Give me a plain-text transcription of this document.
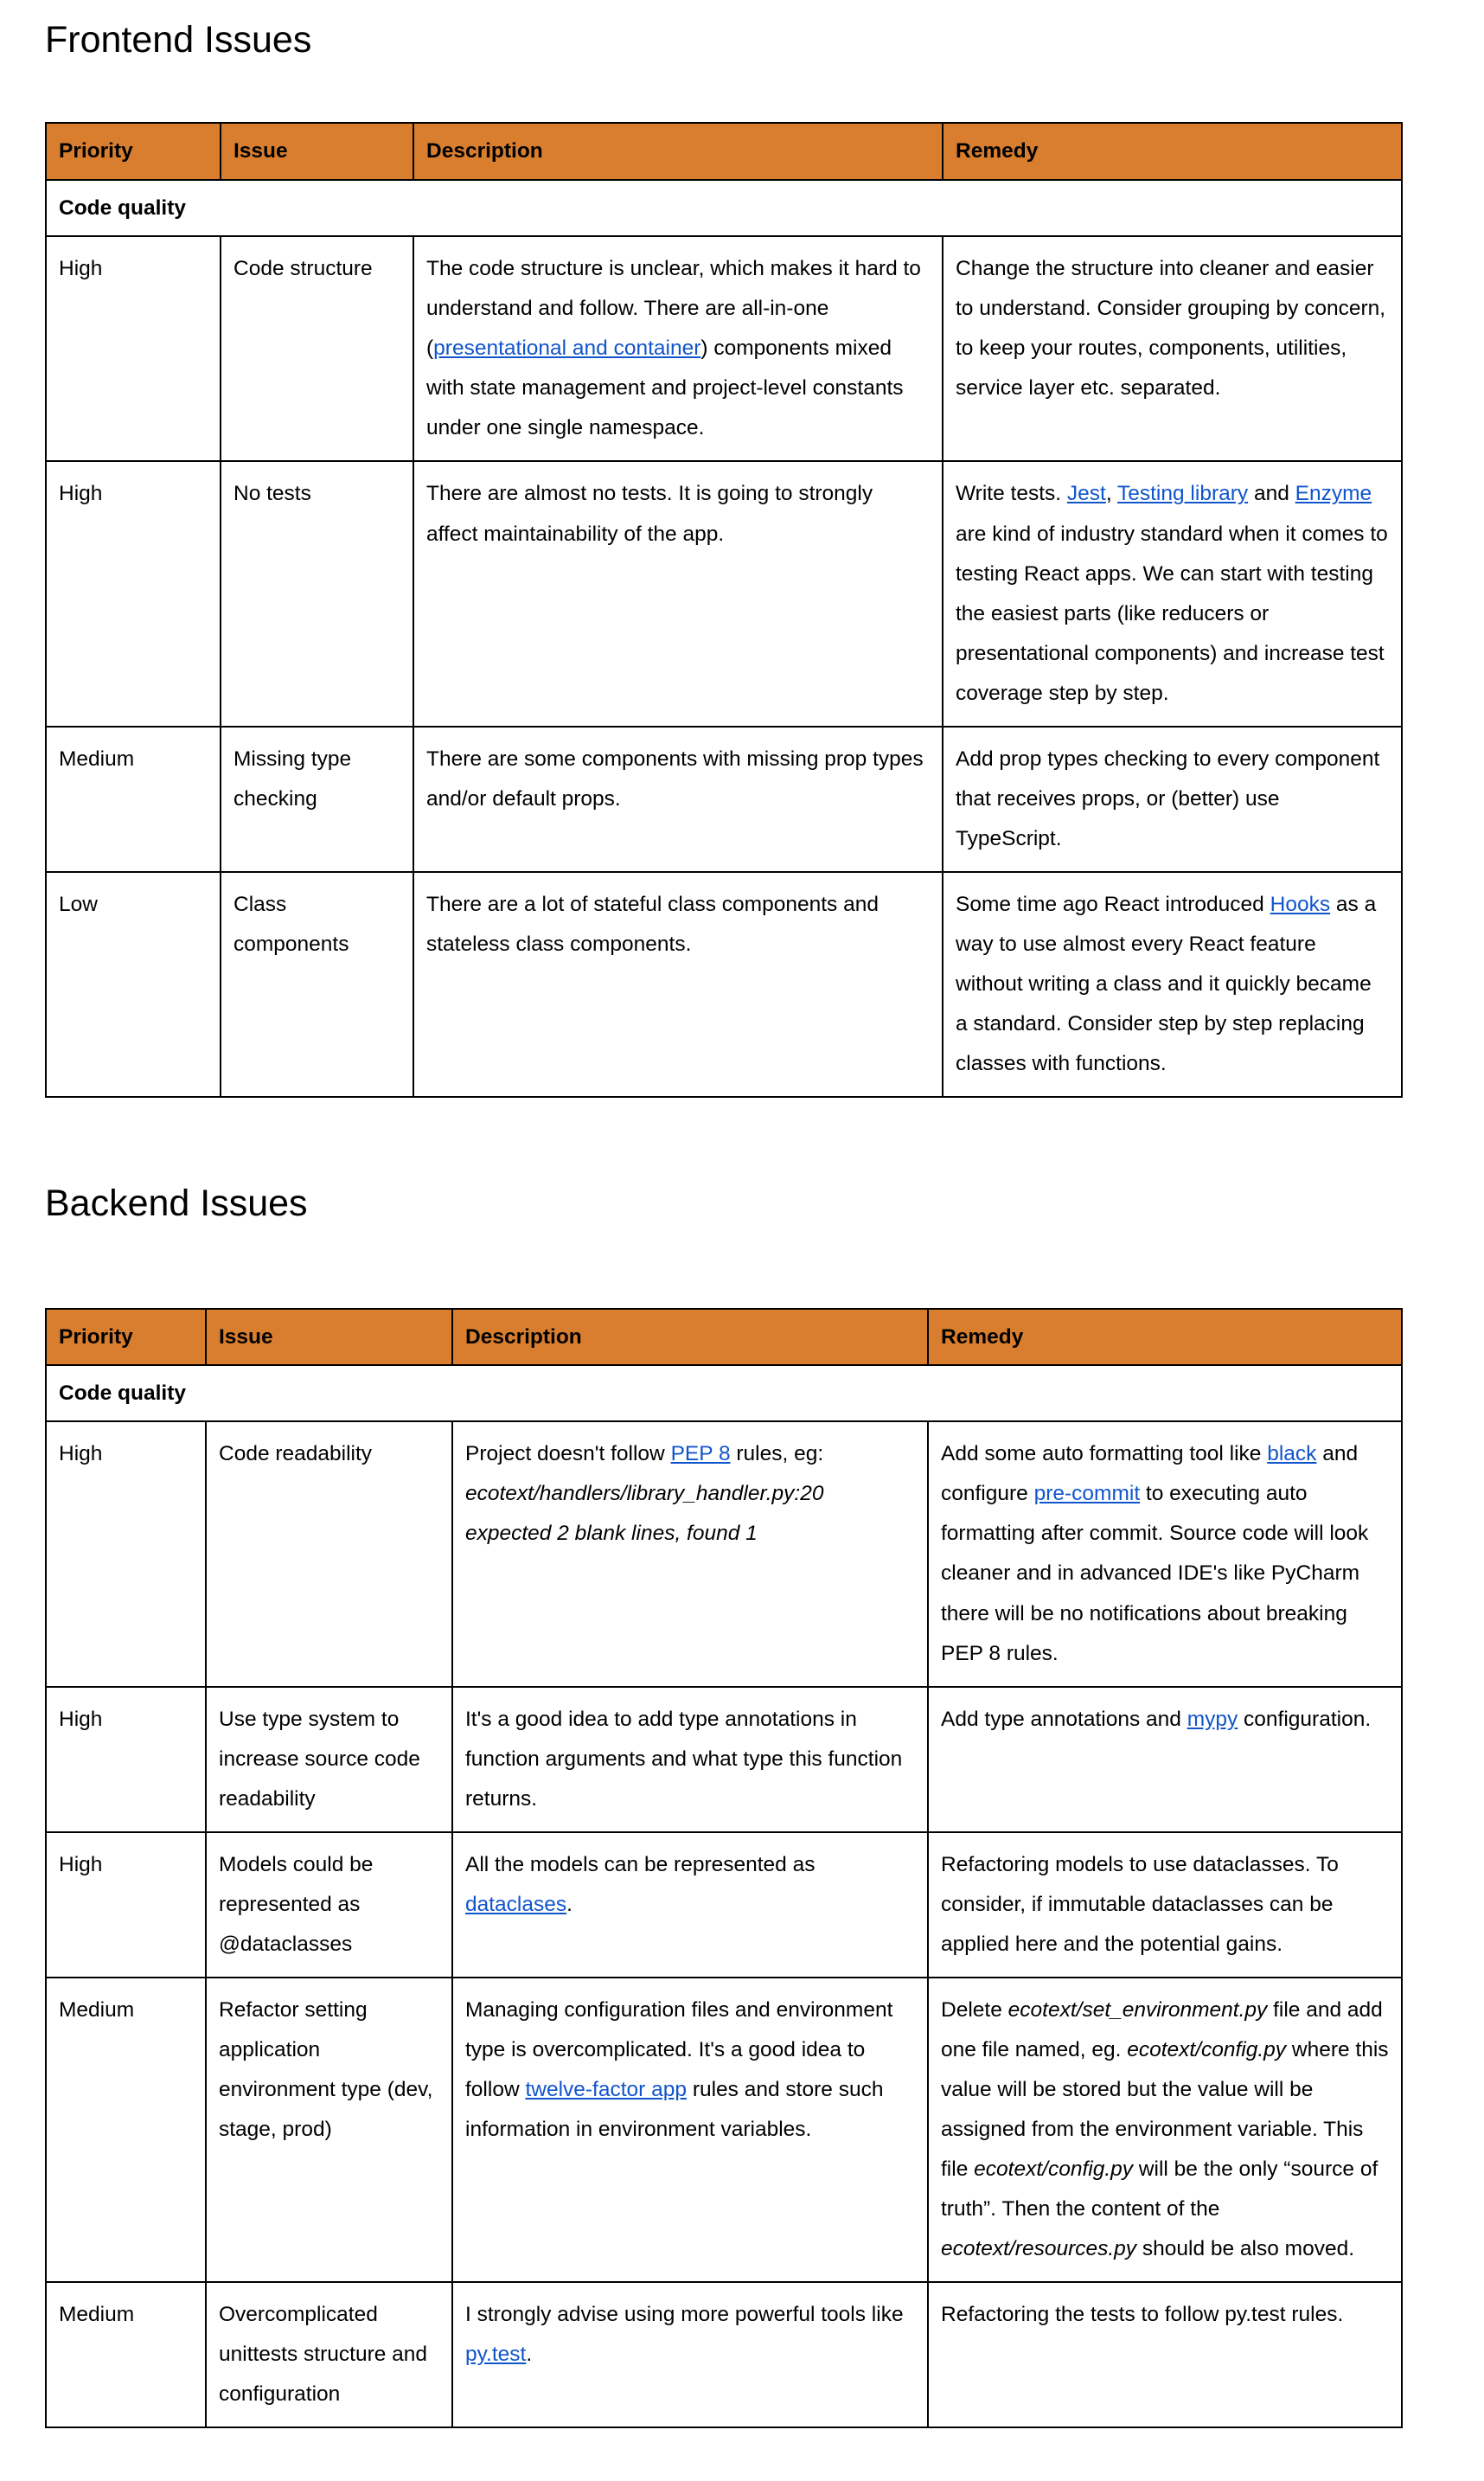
Frontend Issues
Priority	Issue	Description	Remedy
Code quality			
High	Code structure	The code structure is unclear, which makes it hard to understand and follow. There are all-in-one (presentational and container) components mixed with state management and project-level constants under one single namespace.	Change the structure into cleaner and easier to understand. Consider grouping by concern, to keep your routes, components, utilities, service layer etc. separated.
High	No tests	There are almost no tests. It is going to strongly affect maintainability of the app.	Write tests. Jest, Testing library and Enzyme are kind of industry standard when it comes to testing React apps. We can start with testing the easiest parts (like reducers or presentational components) and increase test coverage step by step.

Medium	Missing type checking	There are some components with missing prop types and/or default props.	Add prop types checking to every component that receives props, or (better) use TypeScript.
Low	Class components	There are a lot of stateful class components and stateless class components.	Some time ago React introduced Hooks as a way to use almost every React feature without writing a class and it quickly became a standard. Consider step by step replacing classes with functions.

Backend Issues
Priority	Issue	Description	Remedy
Code quality			
High	Code readability	Project doesn't follow PEP 8 rules, eg: ecotext/handlers/library_handler.py:20 expected 2 blank lines, found 1	Add some auto formatting tool like black and configure pre-commit to executing auto formatting after commit. Source code will look cleaner and in advanced IDE's like PyCharm there will be no notifications about breaking PEP 8 rules.

High	Use type system to increase source code readability	It's a good idea to add type annotations in function arguments and what type this function returns.	Add type annotations and mypy configuration.

High	Models could be represented as @dataclasses	All the models can be represented as dataclases.	Refactoring models to use dataclasses. To consider, if immutable dataclasses can be applied here and the potential gains.
Medium	Refactor setting application environment type (dev, stage, prod)	Managing configuration files and environment type is overcomplicated. It's a good idea to follow twelve-factor app rules and store such information in environment variables.	Delete ecotext/set_environment.py file and add one file named, eg. ecotext/config.py where this value will be stored but the value will be assigned from the environment variable. This file ecotext/config.py will be the only “source of truth”. Then the content of the ecotext/resources.py should be also moved.

Medium	Overcomplicated unittests structure and configuration	I strongly advise using more powerful tools like py.test.	Refactoring the tests to follow py.test rules.
